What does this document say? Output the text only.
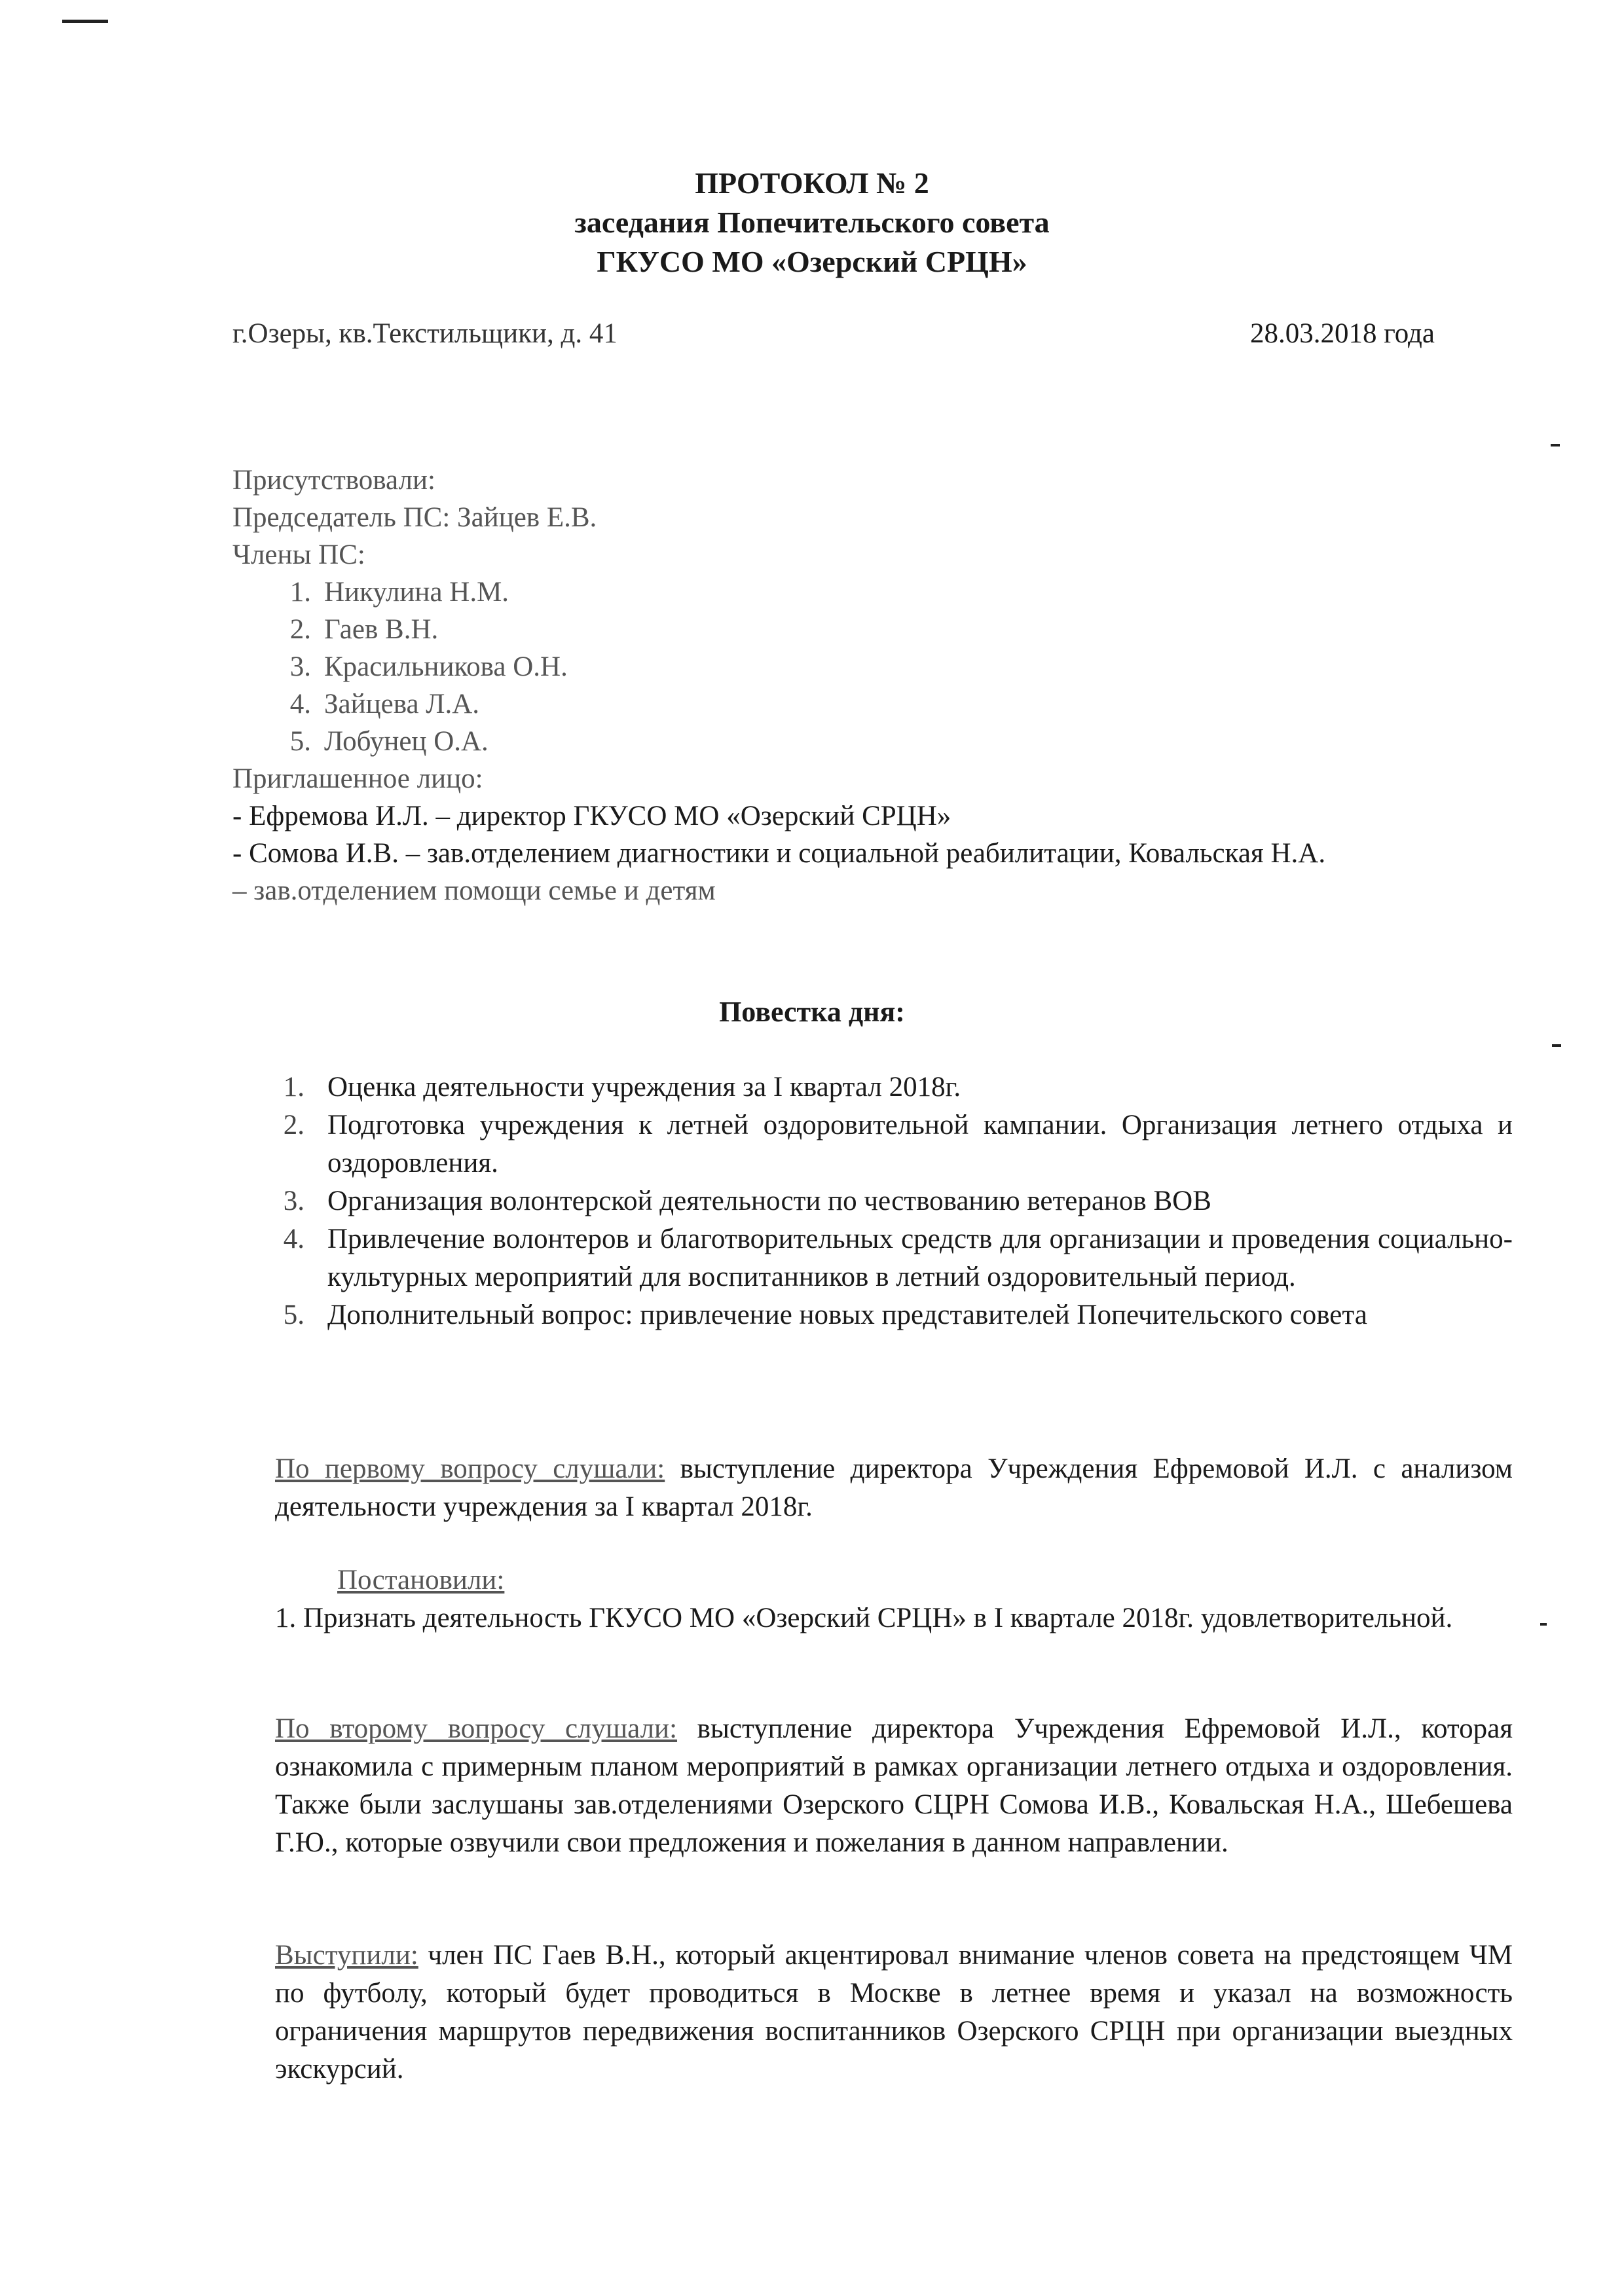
ПРОТОКОЛ № 2
заседания Попечительского совета
ГКУСО МО «Озерский СРЦН»
г.Озеры, кв.Текстильщики, д. 41	28.03.2018 года
Присутствовали:
Председатель ПС: Зайцев Е.В.
Члены ПС:
1. Никулина Н.М.
2. Гаев В.Н.
3. Красильникова О.Н.
4. Зайцева Л.А.
5. Лобунец О.А.
Приглашенное лицо:
- Ефремова И.Л. – директор ГКУСО МО «Озерский СРЦН»
- Сомова И.В. – зав.отделением диагностики и социальной реабилитации, Ковальская Н.А.
– зав.отделением помощи семье и детям
Повестка дня:

1. Оценка деятельности учреждения за I квартал 2018г.

2. Подготовка учреждения к летней оздоровительной кампании. Организация летнего отдыха и оздоровления.

3. Организация волонтерской деятельности по чествованию ветеранов ВОВ

4. Привлечение волонтеров и благотворительных средств для организации и проведения социально-культурных мероприятий для воспитанников в летний оздоровительный период.

5. Дополнительный вопрос: привлечение новых представителей Попечительского совета

По первому вопросу слушали: выступление директора Учреждения Ефремовой И.Л. с анализом деятельности учреждения за I квартал 2018г.
Постановили:
1. Признать деятельность ГКУСО МО «Озерский СРЦН» в I квартале 2018г. удовлетворительной.
По второму вопросу слушали: выступление директора Учреждения Ефремовой И.Л., которая ознакомила с примерным планом мероприятий в рамках организации летнего отдыха и оздоровления. Также были заслушаны зав.отделениями Озерского СЦРН Сомова И.В., Ковальская Н.А., Шебешева Г.Ю., которые озвучили свои предложения и пожелания в данном направлении.
Выступили: член ПС Гаев В.Н., который акцентировал внимание членов совета на предстоящем ЧМ по футболу, который будет проводиться в Москве в летнее время и указал на возможность ограничения маршрутов передвижения воспитанников Озерского СРЦН при организации выездных экскурсий.
